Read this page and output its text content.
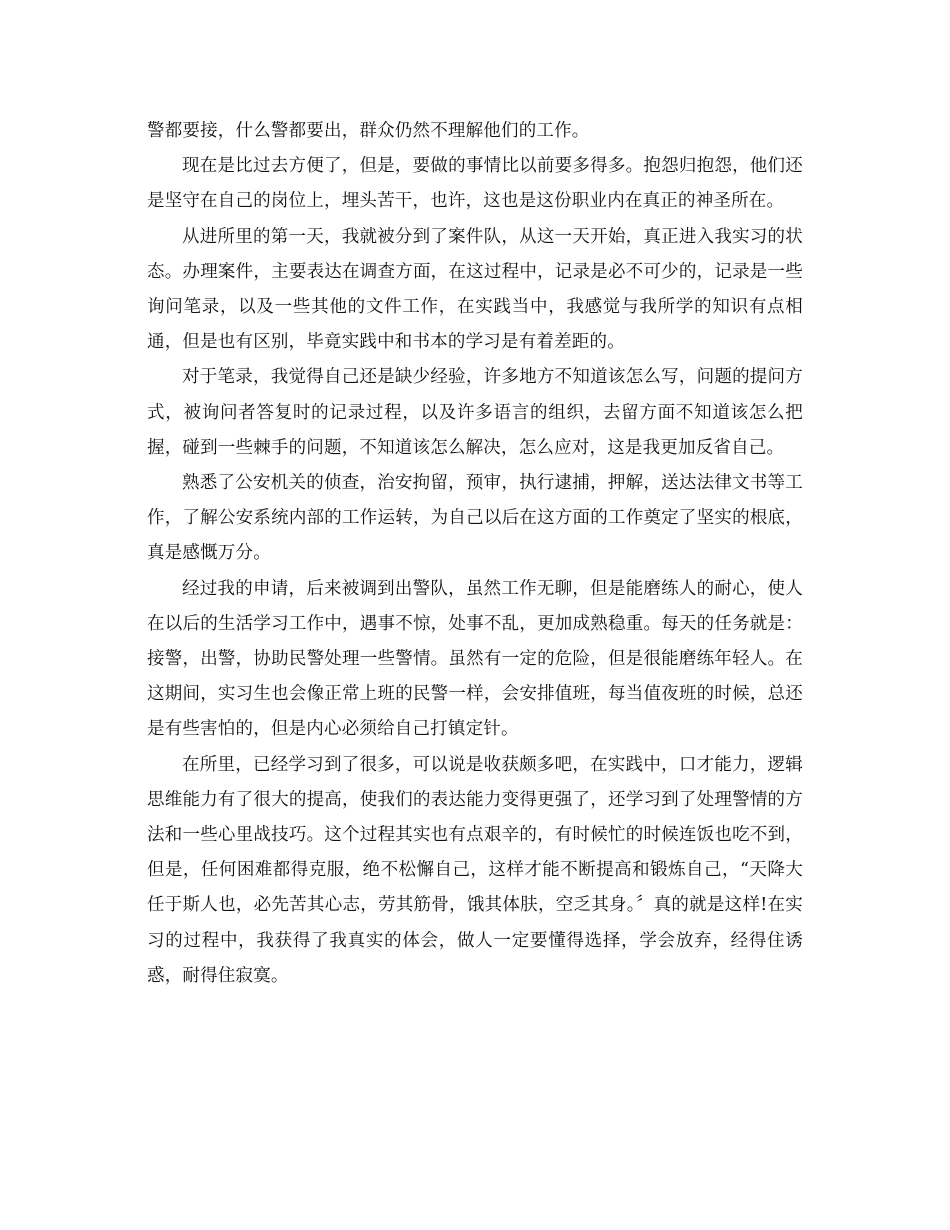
警都要接，什么警都要出，群众仍然不理解他们的工作。

现在是比过去方便了，但是，要做的事情比以前要多得多。抱怨归抱怨，他们还是坚守在自己的岗位上，埋头苦干，也许，这也是这份职业内在真正的神圣所在。

从进所里的第一天，我就被分到了案件队，从这一天开始，真正进入我实习的状态。办理案件，主要表达在调查方面，在这过程中，记录是必不可少的，记录是一些询问笔录，以及一些其他的文件工作，在实践当中，我感觉与我所学的知识有点相通，但是也有区别，毕竟实践中和书本的学习是有着差距的。

对于笔录，我觉得自己还是缺少经验，许多地方不知道该怎么写，问题的提问方式，被询问者答复时的记录过程，以及许多语言的组织，去留方面不知道该怎么把握，碰到一些棘手的问题，不知道该怎么解决，怎么应对，这是我更加反省自己。

熟悉了公安机关的侦查，治安拘留，预审，执行逮捕，押解，送达法律文书等工作，了解公安系统内部的工作运转，为自己以后在这方面的工作奠定了坚实的根底，真是感慨万分。

经过我的申请，后来被调到出警队，虽然工作无聊，但是能磨练人的耐心，使人在以后的生活学习工作中，遇事不惊，处事不乱，更加成熟稳重。每天的任务就是：接警，出警，协助民警处理一些警情。虽然有一定的危险，但是很能磨练年轻人。在这期间，实习生也会像正常上班的民警一样，会安排值班，每当值夜班的时候，总还是有些害怕的，但是内心必须给自己打镇定针。

在所里，已经学习到了很多，可以说是收获颇多吧，在实践中，口才能力，逻辑思维能力有了很大的提高，使我们的表达能力变得更强了，还学习到了处理警情的方法和一些心里战技巧。这个过程其实也有点艰辛的，有时候忙的时候连饭也吃不到，但是，任何困难都得克服，绝不松懈自己，这样才能不断提高和锻炼自己，“天降大任于斯人也，必先苦其心志，劳其筋骨，饿其体肤，空乏其身。〞真的就是这样!在实习的过程中，我获得了我真实的体会，做人一定要懂得选择，学会放弃，经得住诱惑，耐得住寂寞。
